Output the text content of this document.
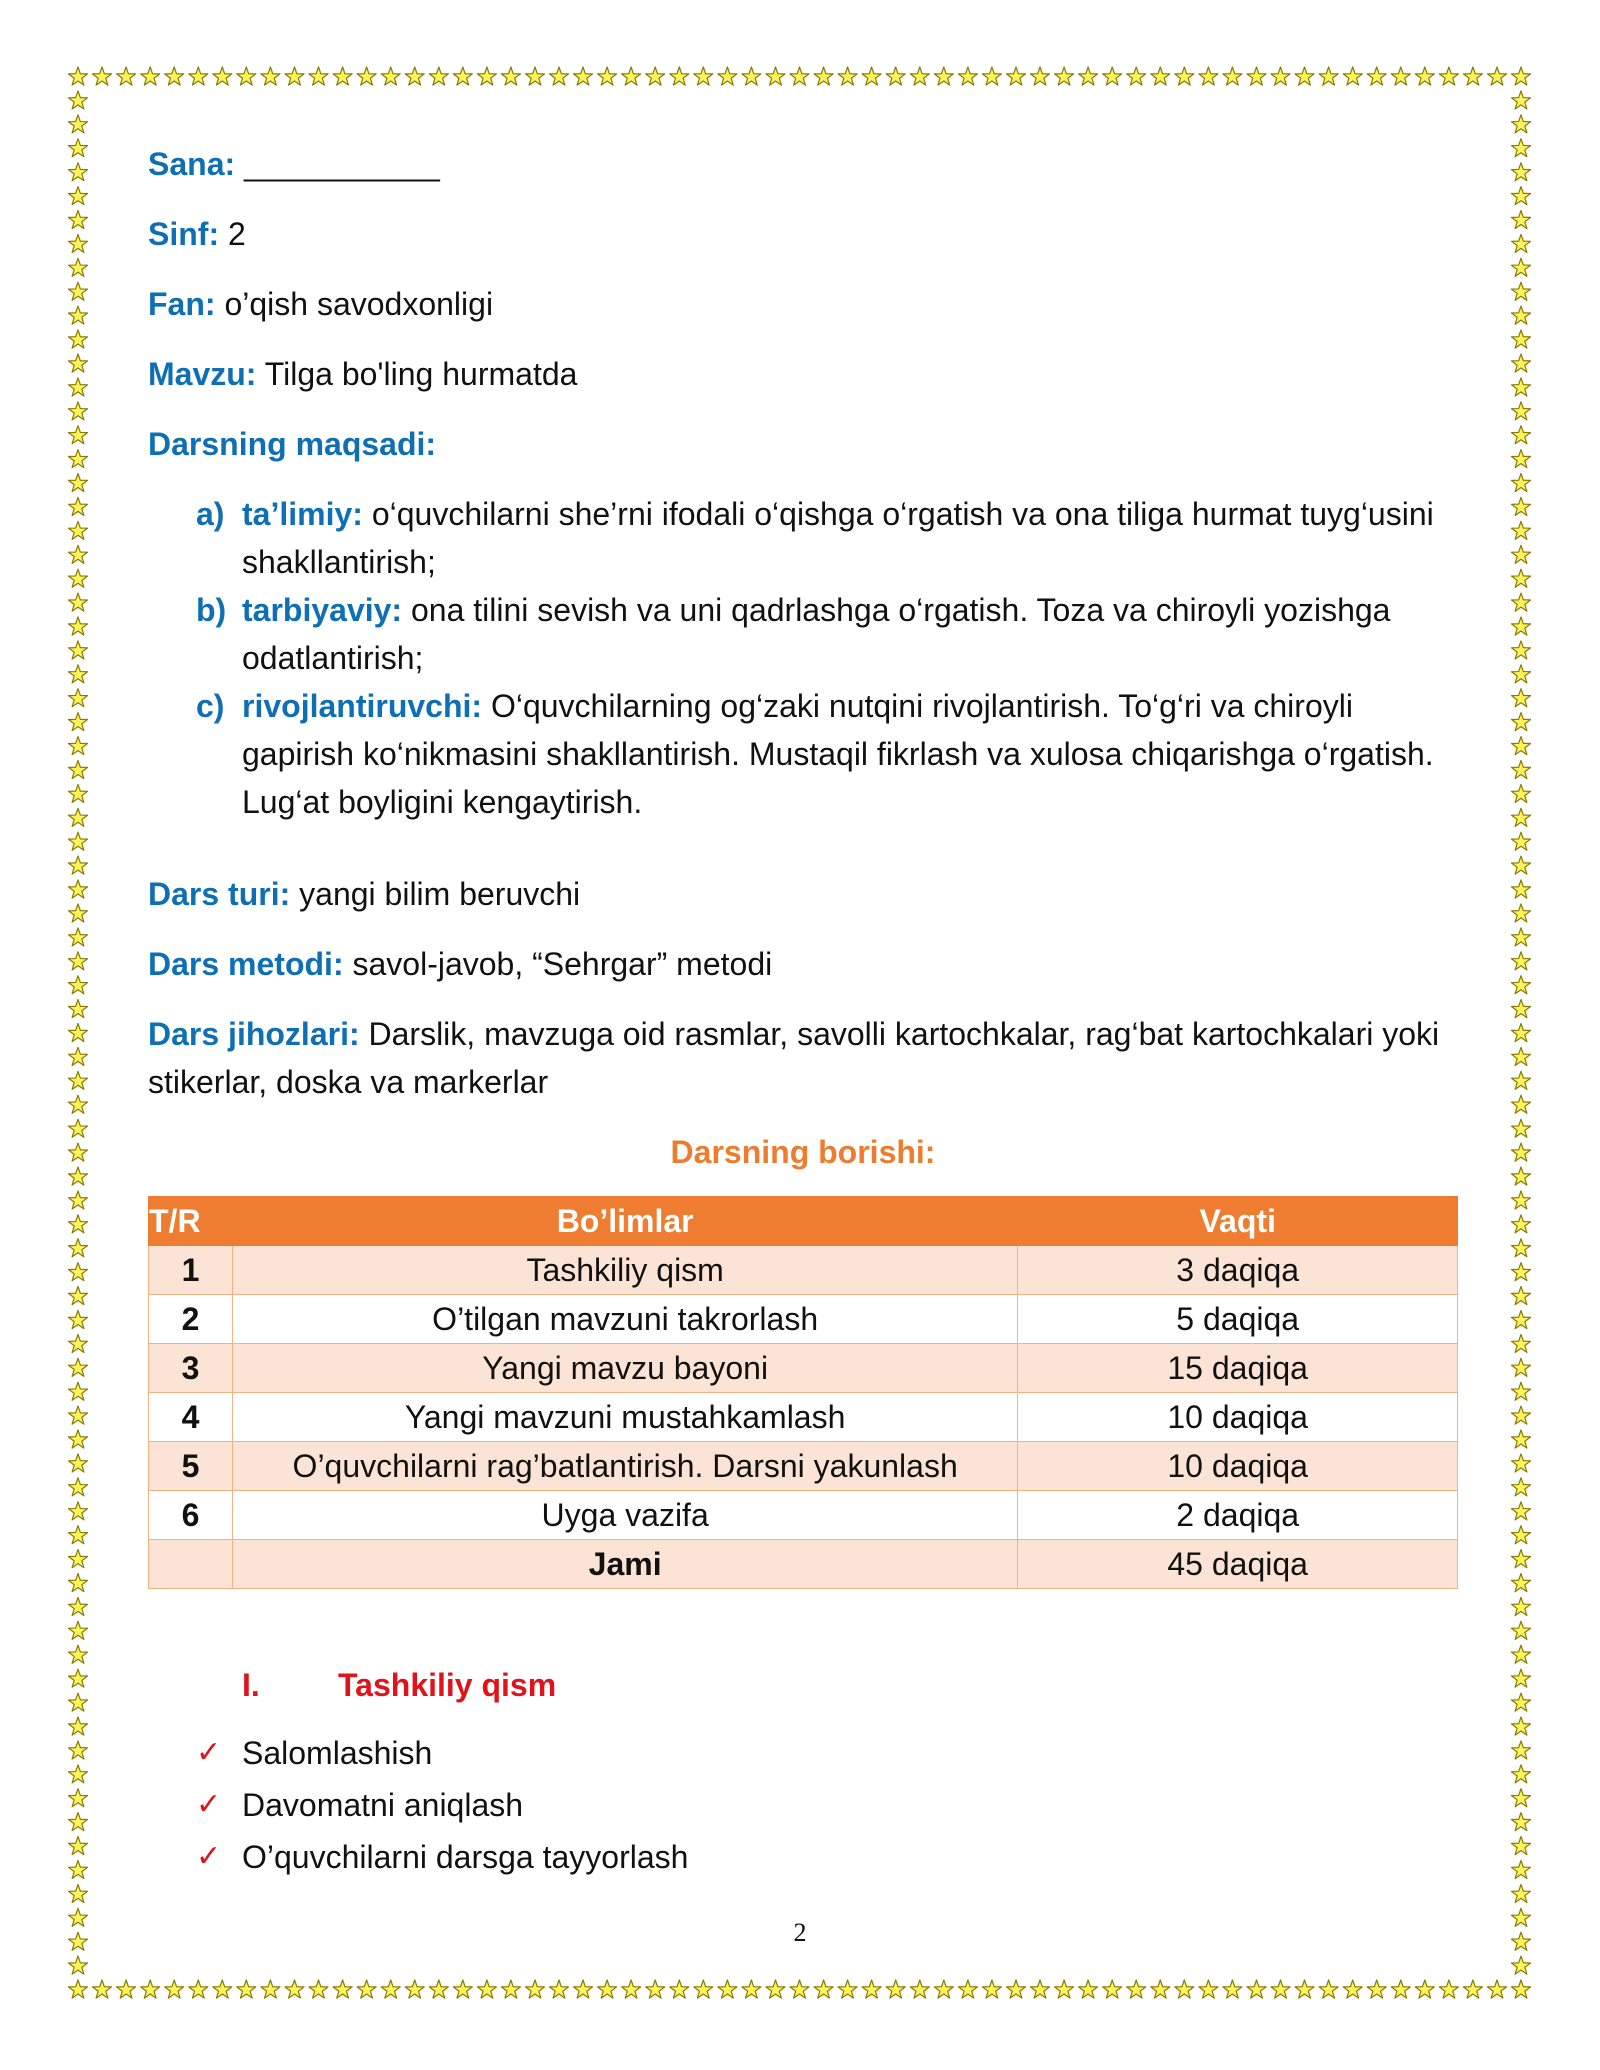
Sana: ___________
Sinf: 2
Fan: o’qish savodxonligi
Mavzu: Tilga bo'ling hurmatda
Darsning maqsadi:
a) ta’limiy: o‘quvchilarni she’rni ifodali o‘qishga o‘rgatish va ona tiliga hurmat tuyg‘usini shakllantirish;
b) tarbiyaviy: ona tilini sevish va uni qadrlashga o‘rgatish. Toza va chiroyli yozishga odatlantirish;
c) rivojlantiruvchi: O‘quvchilarning og‘zaki nutqini rivojlantirish. To‘g‘ri va chiroyli gapirish ko‘nikmasini shakllantirish. Mustaqil fikrlash va xulosa chiqarishga o‘rgatish. Lug‘at boyligini kengaytirish.
Dars turi: yangi bilim beruvchi
Dars metodi: savol-javob, “Sehrgar” metodi
Dars jihozlari: Darslik, mavzuga oid rasmlar, savolli kartochkalar, rag‘bat kartochkalari yoki stikerlar, doska va markerlar
Darsning borishi:
T/R	Bo’limlar	Vaqti
1	Tashkiliy qism	3 daqiqa
2	O’tilgan mavzuni takrorlash	5 daqiqa
3	Yangi mavzu bayoni	15 daqiqa
4	Yangi mavzuni mustahkamlash	10 daqiqa
5	O’quvchilarni rag’batlantirish. Darsni yakunlash	10 daqiqa
6	Uyga vazifa	2 daqiqa
	Jami	45 daqiqa
I. Tashkiliy qism
✓ Salomlashish
✓ Davomatni aniqlash
✓ O’quvchilarni darsga tayyorlash
2
